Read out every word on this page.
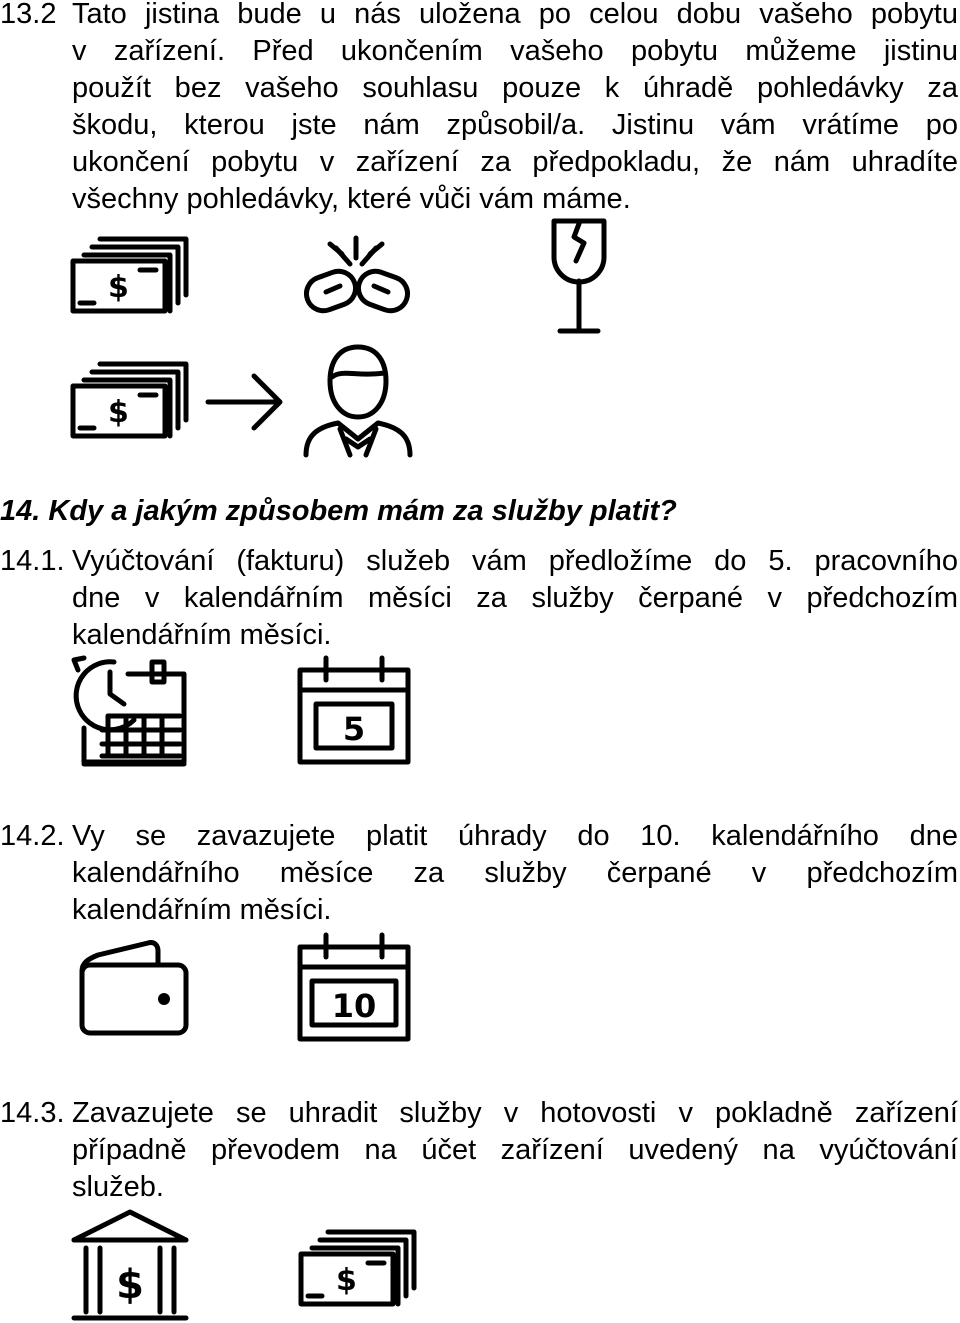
13.2 Tato jistina bude u nás uložena po celou dobu vašeho pobytu
v zařízení. Před ukončením vašeho pobytu můžeme jistinu
použít bez vašeho souhlasu pouze k úhradě pohledávky za
škodu, kterou jste nám způsobil/a. Jistinu vám vrátíme po
ukončení pobytu v zařízení za předpokladu, že nám uhradíte
všechny pohledávky, které vůči vám máme.
$
$
14. Kdy a jakým způsobem mám za služby platit?
14.1. Vyúčtování (fakturu) služeb vám předložíme do 5. pracovního
dne v kalendářním měsíci za služby čerpané v předchozím
kalendářním měsíci.
5
14.2. Vy se zavazujete platit úhrady do 10. kalendářního dne
kalendářního měsíce za služby čerpané v předchozím
kalendářním měsíci.
10
14.3. Zavazujete se uhradit služby v hotovosti v pokladně zařízení
případně převodem na účet zařízení uvedený na vyúčtování
služeb.
$	$
